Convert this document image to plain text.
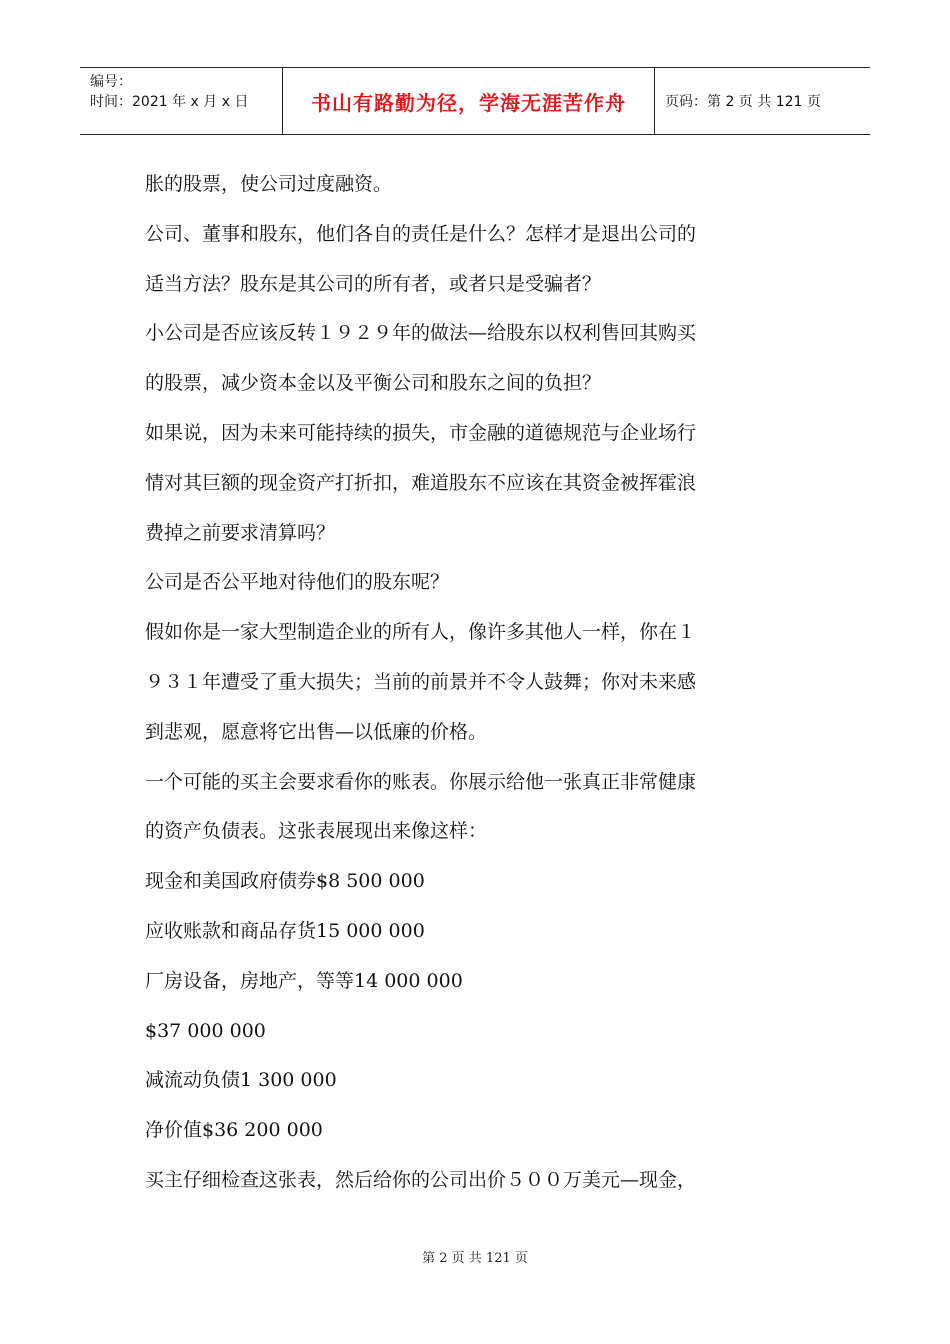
编号：
时间：2021 年 x 月 x 日	书山有路勤为径，学海无涯苦作舟	页码：第 2 页 共 121 页
胀的股票，使公司过度融资。
公司、董事和股东，他们各自的责任是什么？怎样才是退出公司的
适当方法？股东是其公司的所有者，或者只是受骗者？
小公司是否应该反转１９２９年的做法—给股东以权利售回其购买
的股票，减少资本金以及平衡公司和股东之间的负担？
如果说，因为未来可能持续的损失，市金融的道德规范与企业场行
情对其巨额的现金资产打折扣，难道股东不应该在其资金被挥霍浪
费掉之前要求清算吗？
公司是否公平地对待他们的股东呢？
假如你是一家大型制造企业的所有人，像许多其他人一样，你在１
９３１年遭受了重大损失；当前的前景并不令人鼓舞；你对未来感
到悲观，愿意将它出售—以低廉的价格。
一个可能的买主会要求看你的账表。你展示给他一张真正非常健康
的资产负债表。这张表展现出来像这样：
现金和美国政府债券$8 500 000
应收账款和商品存货15 000 000
厂房设备，房地产，等等14 000 000
$37 000 000
减流动负债1 300 000
净价值$36 200 000
买主仔细检查这张表，然后给你的公司出价５００万美元—现金，
第 2 页 共 121 页
